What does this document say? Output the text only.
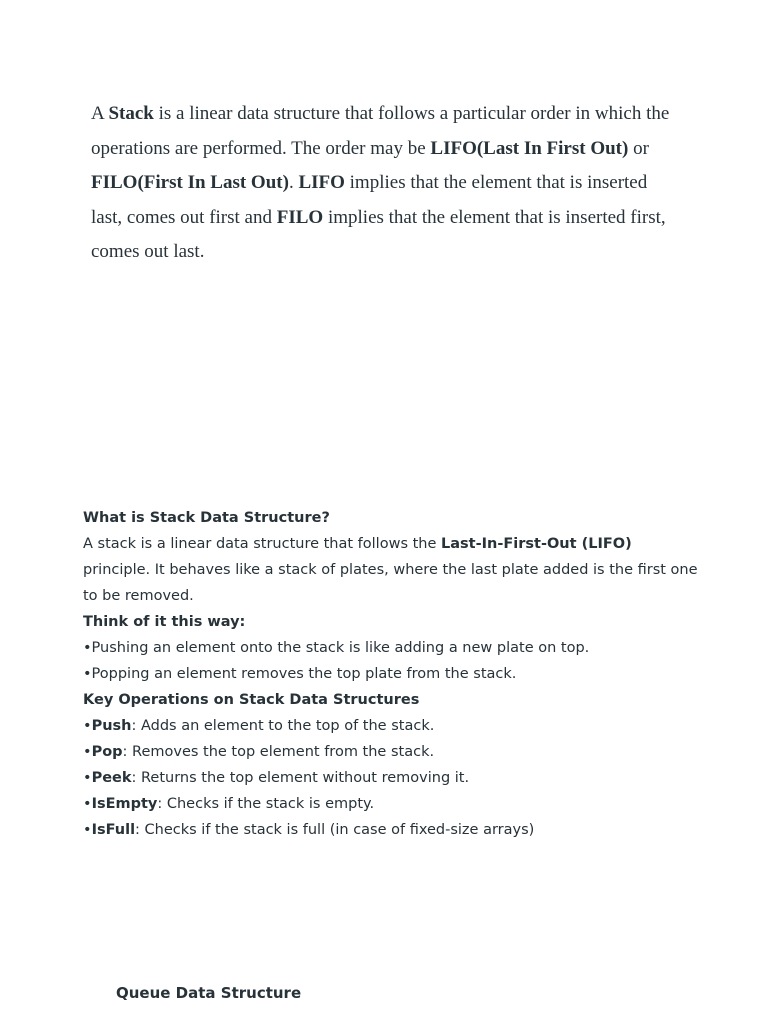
A Stack is a linear data structure that follows a particular order in which the operations are performed. The order may be LIFO(Last In First Out) or FILO(First In Last Out). LIFO implies that the element that is inserted last, comes out first and FILO implies that the element that is inserted first, comes out last.

What is Stack Data Structure?

A stack is a linear data structure that follows the Last-In-First-Out (LIFO) principle. It behaves like a stack of plates, where the last plate added is the first one to be removed.

Think of it this way:

•Pushing an element onto the stack is like adding a new plate on top.

•Popping an element removes the top plate from the stack.

Key Operations on Stack Data Structures

•Push: Adds an element to the top of the stack.

•Pop: Removes the top element from the stack.

•Peek: Returns the top element without removing it.

•IsEmpty: Checks if the stack is empty.

•IsFull: Checks if the stack is full (in case of fixed-size arrays)

Queue Data Structure
